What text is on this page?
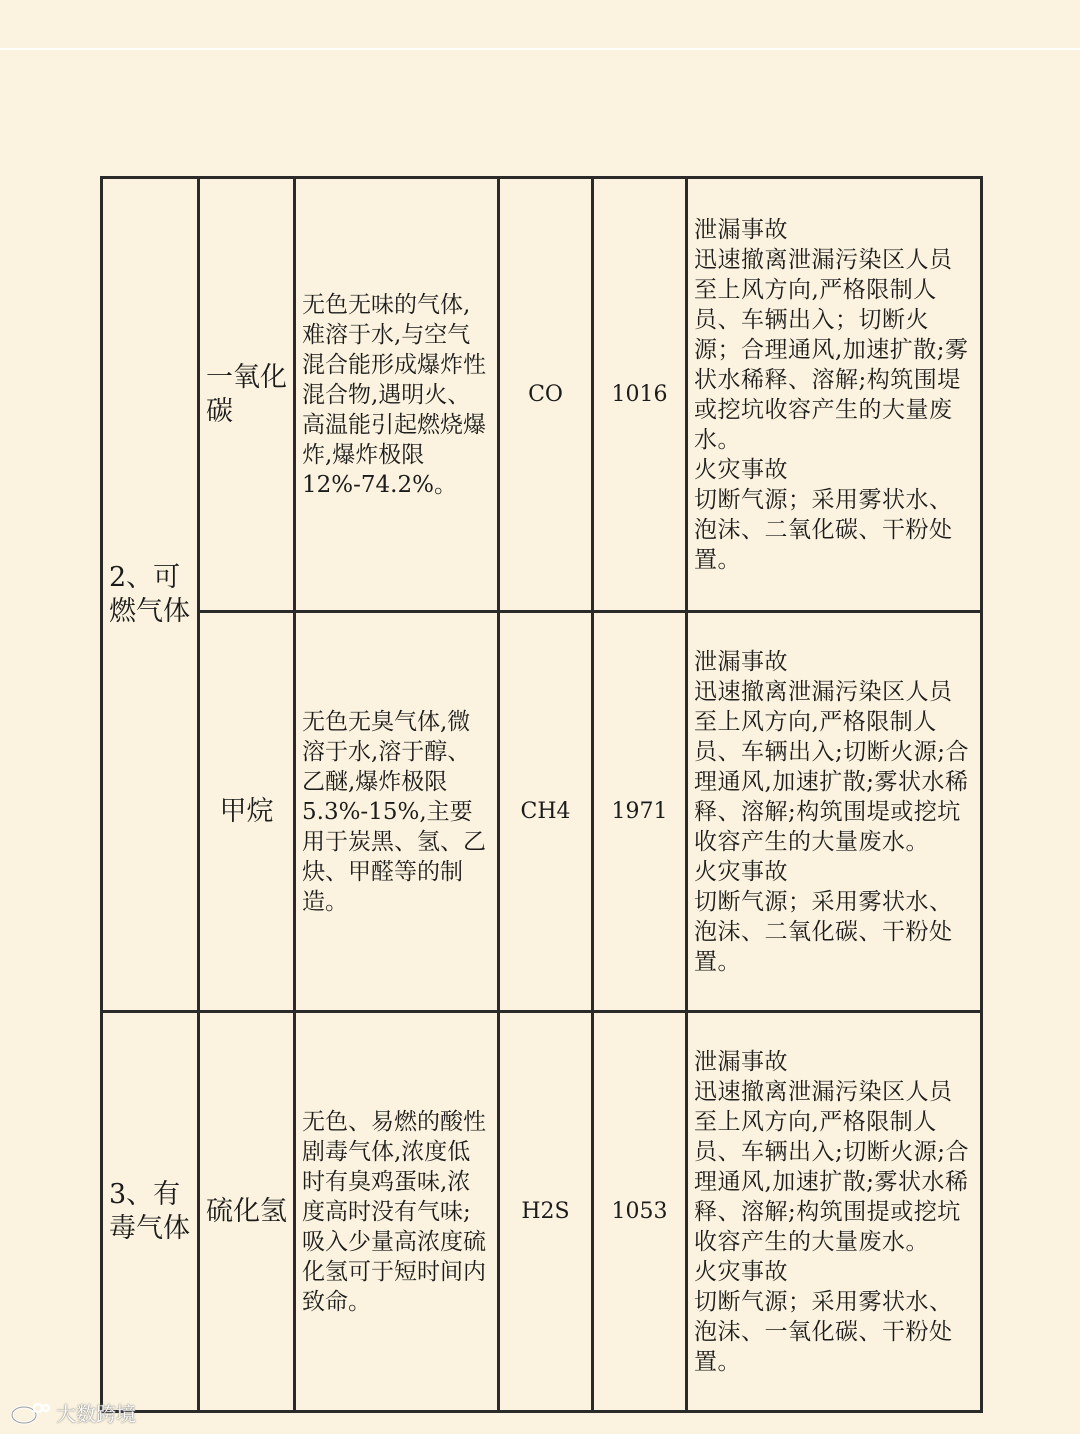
2、可燃气体	一氧化碳	无色无味的气体,难溶于水,与空气混合能形成爆炸性混合物,遇明火、高温能引起燃烧爆炸,爆炸极限12%-74.2%。	CO	1016	泄漏事故
迅速撤离泄漏污染区人员至上风方向,严格限制人员、车辆出入；切断火源；合理通风,加速扩散;雾状水稀释、溶解;构筑围堤或挖坑收容产生的大量废水。
火灾事故
切断气源；采用雾状水、泡沫、二氧化碳、干粉处置。

	甲烷	无色无臭气体,微溶于水,溶于醇、乙醚,爆炸极限5.3%-15%,主要用于炭黑、氢、乙炔、甲醛等的制造。	CH4	1971	泄漏事故
迅速撤离泄漏污染区人员至上风方向,严格限制人员、车辆出入;切断火源;合理通风,加速扩散;雾状水稀释、溶解;构筑围堤或挖坑收容产生的大量废水。
火灾事故
切断气源；采用雾状水、泡沫、二氧化碳、干粉处置。

3、有毒气体	硫化氢	无色、易燃的酸性剧毒气体,浓度低时有臭鸡蛋味,浓度高时没有气味;吸入少量高浓度硫化氢可于短时间内致命。	H2S	1053	泄漏事故
迅速撤离泄漏污染区人员至上风方向,严格限制人员、车辆出入;切断火源;合理通风,加速扩散;雾状水稀释、溶解;构筑围提或挖坑收容产生的大量废水。
火灾事故
切断气源；采用雾状水、泡沫、一氧化碳、干粉处置。
大数跨境
